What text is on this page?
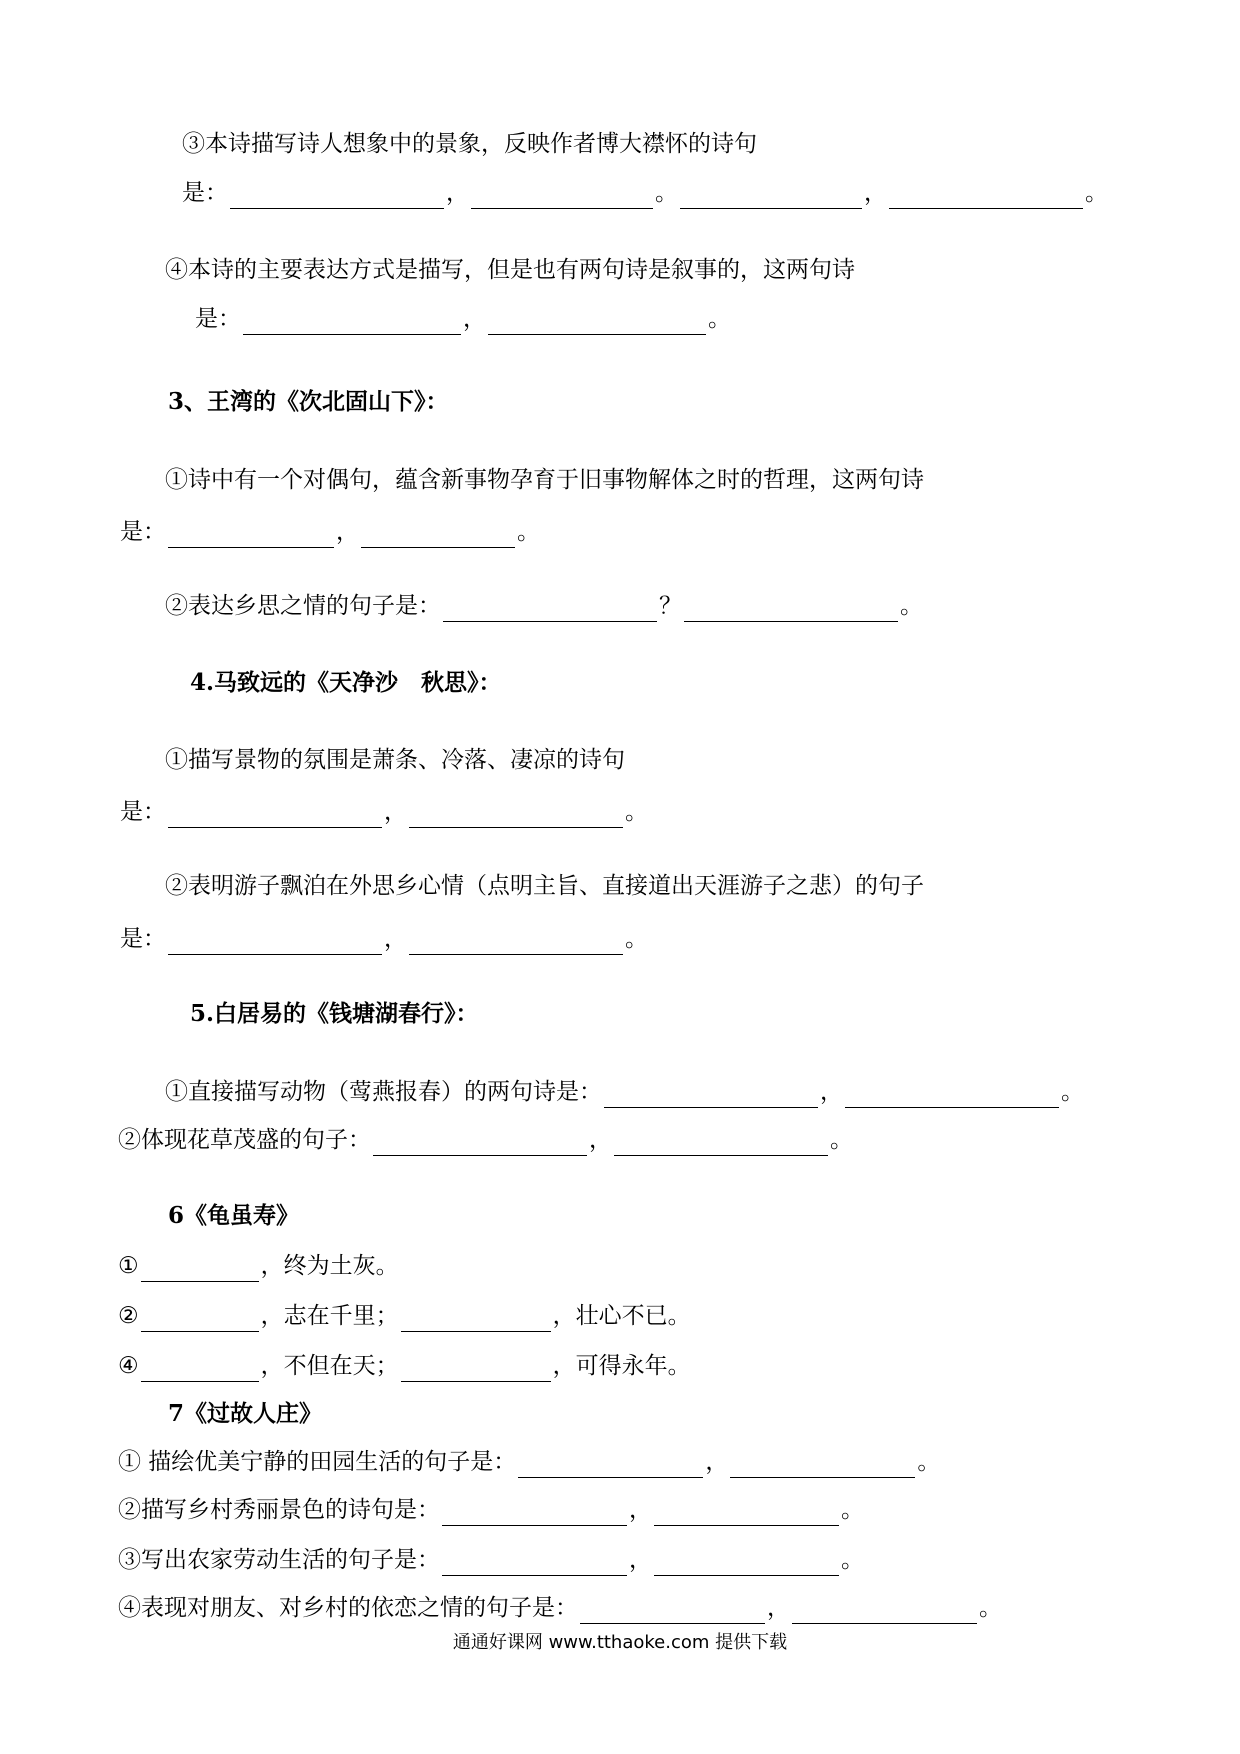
③本诗描写诗人想象中的景象，反映作者博大襟怀的诗句
是：	，	。	，	。
④本诗的主要表达方式是描写，但是也有两句诗是叙事的，这两句诗
是：	，	。
3、王湾的《次北固山下》：
①诗中有一个对偶句，蕴含新事物孕育于旧事物解体之时的哲理，这两句诗
是：	，	。
②表达乡思之情的句子是：	？	。
4.马致远的《天净沙　秋思》：
①描写景物的氛围是萧条、冷落、凄凉的诗句
是：	，	。
②表明游子飘泊在外思乡心情（点明主旨、直接道出天涯游子之悲）的句子
是：	，	。
5.白居易的《钱塘湖春行》：
①直接描写动物（莺燕报春）的两句诗是：	，	。
②体现花草茂盛的句子：	，	。
6《龟虽寿》
①	，终为土灰。
②	，志在千里；	，壮心不已。
④	，不但在天；	，可得永年。
7《过故人庄》
① 描绘优美宁静的田园生活的句子是：	，	。
②描写乡村秀丽景色的诗句是：	，	。
③写出农家劳动生活的句子是：	，	。
④表现对朋友、对乡村的依恋之情的句子是：	，	。
通通好课网 www.tthaoke.com 提供下载
